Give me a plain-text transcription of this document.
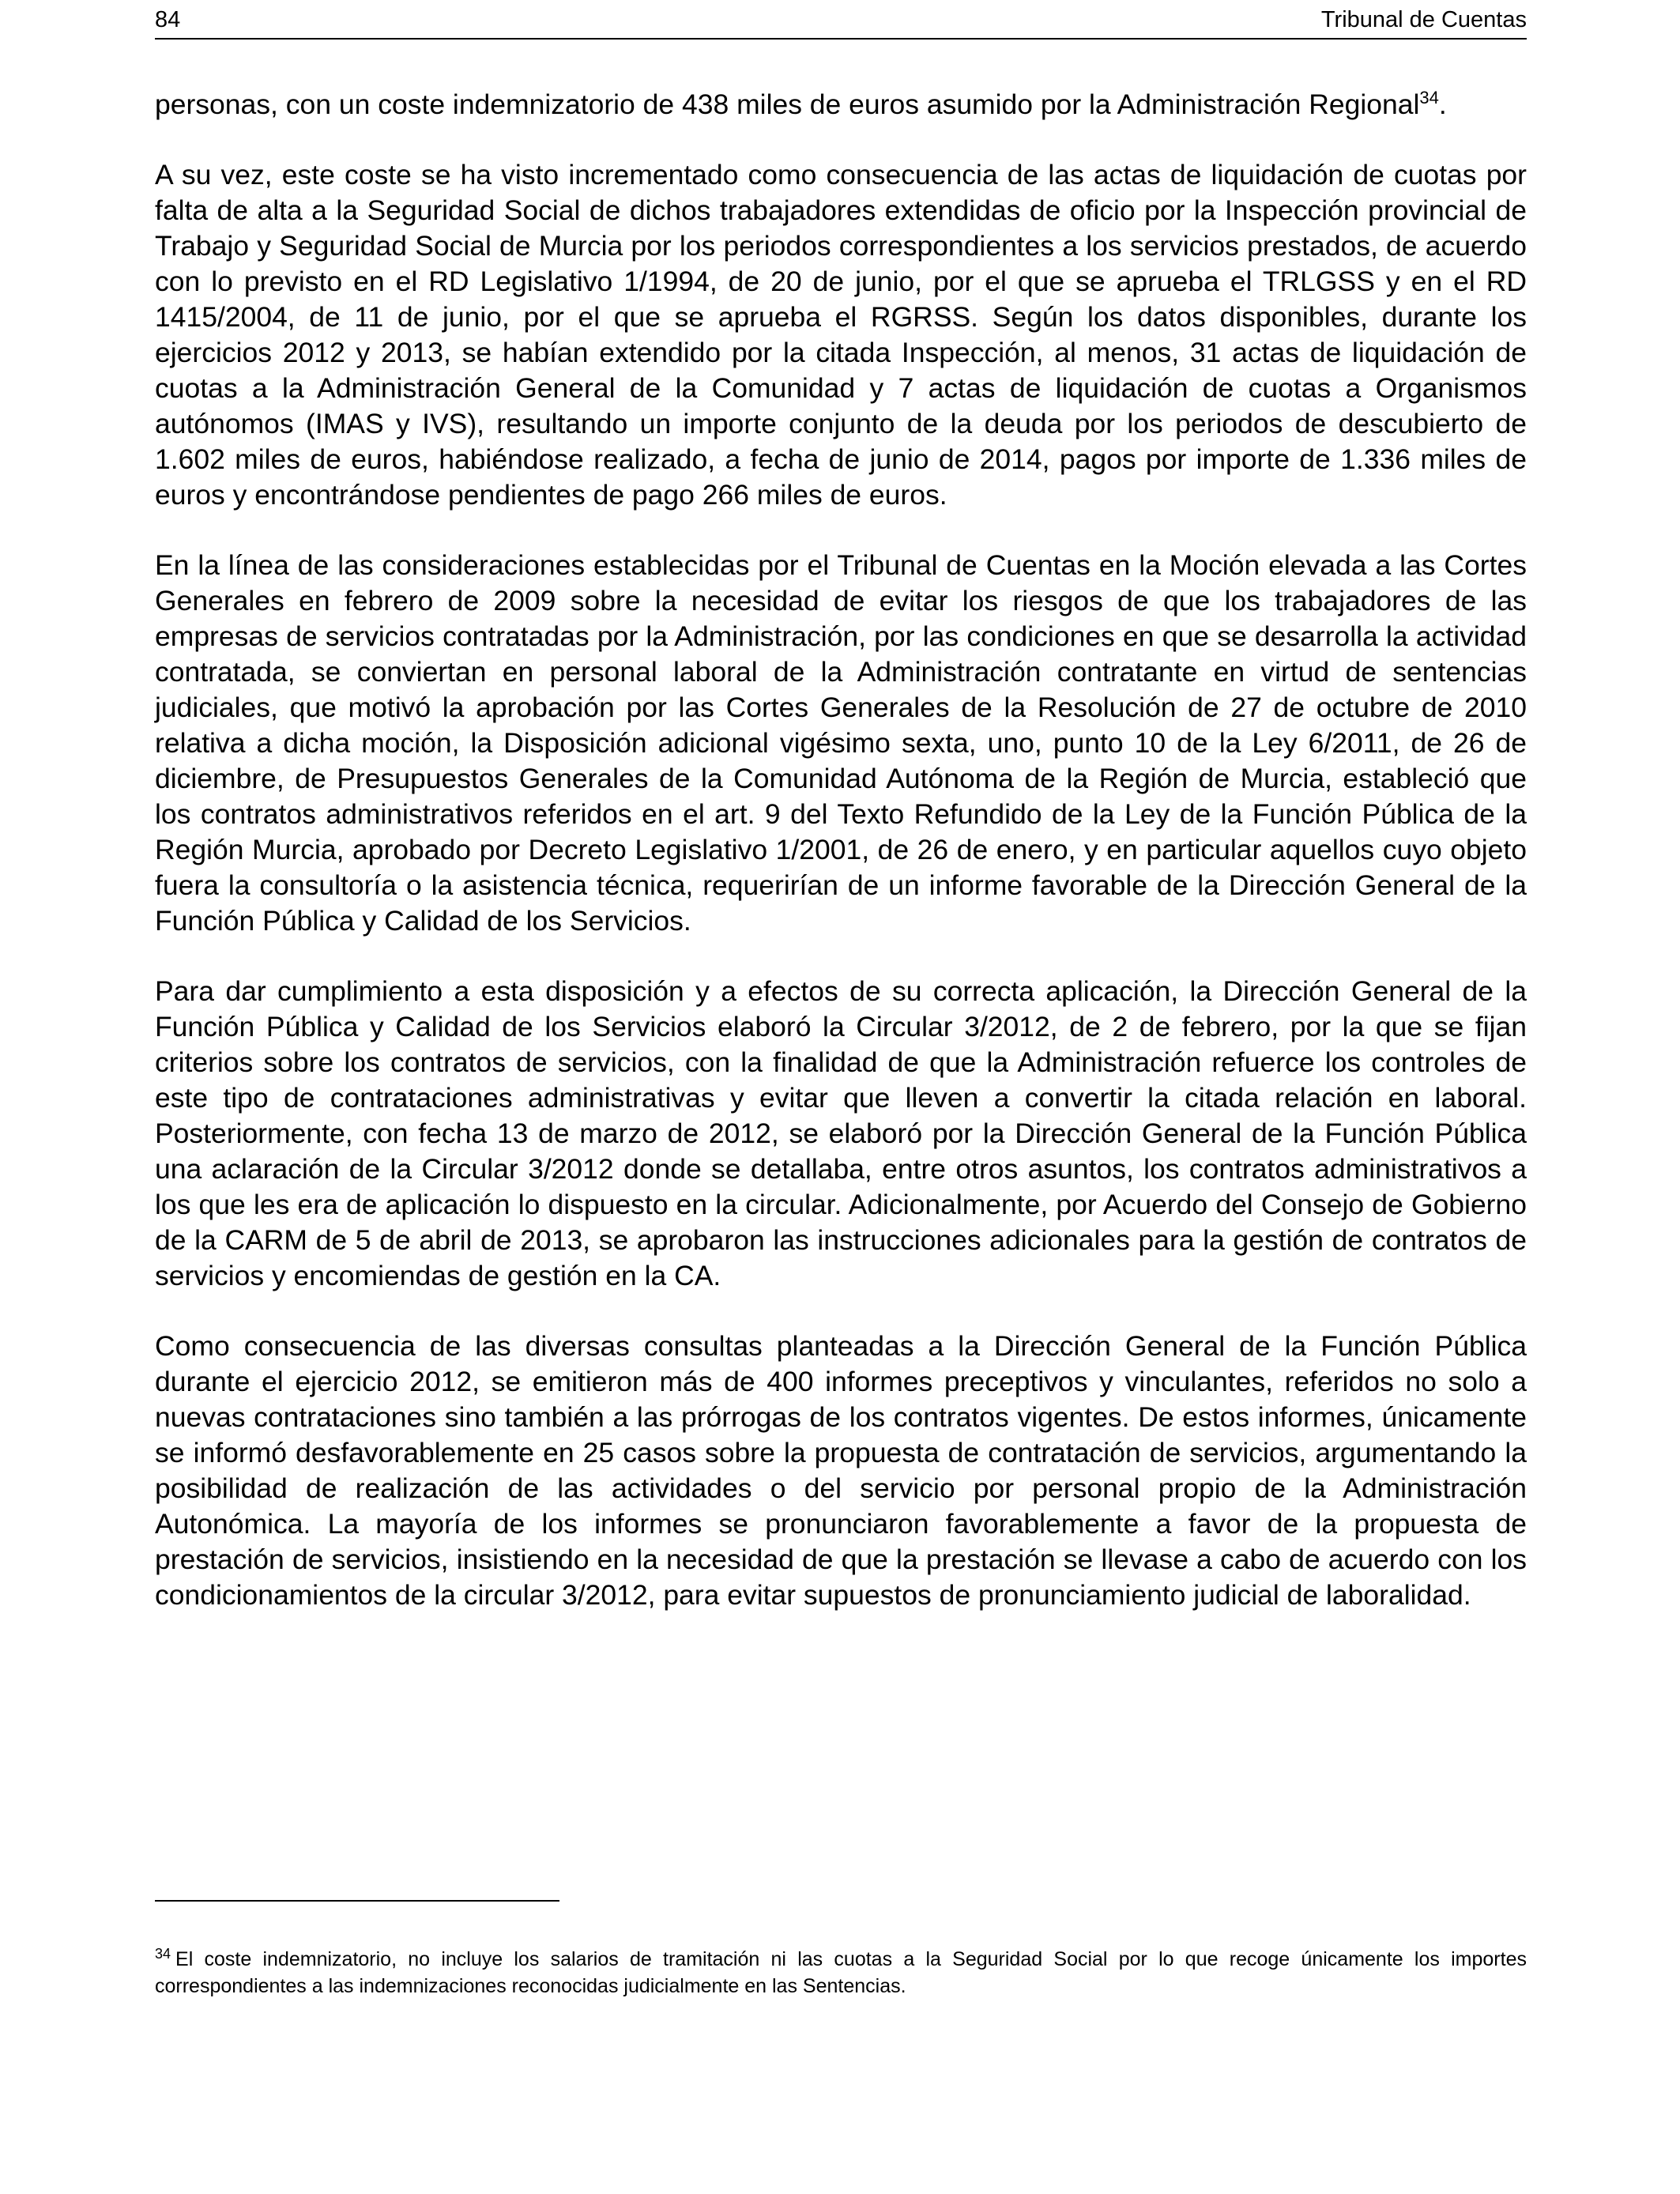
84	Tribunal de Cuentas

personas, con un coste indemnizatorio de 438 miles de euros asumido por la Administración Regional$^{34}$.

A su vez, este coste se ha visto incrementado como consecuencia de las actas de liquidación de cuotas por falta de alta a la Seguridad Social de dichos trabajadores extendidas de oficio por la Inspección provincial de Trabajo y Seguridad Social de Murcia por los periodos correspondientes a los servicios prestados, de acuerdo con lo previsto en el RD Legislativo 1/1994, de 20 de junio, por el que se aprueba el TRLGSS y en el RD 1415/2004, de 11 de junio, por el que se aprueba el RGRSS. Según los datos disponibles, durante los ejercicios 2012 y 2013, se habían extendido por la citada Inspección, al menos, 31 actas de liquidación de cuotas a la Administración General de la Comunidad y 7 actas de liquidación de cuotas a Organismos autónomos (IMAS y IVS), resultando un importe conjunto de la deuda por los periodos de descubierto de 1.602 miles de euros, habiéndose realizado, a fecha de junio de 2014, pagos por importe de 1.336 miles de euros y encontrándose pendientes de pago 266 miles de euros.

En la línea de las consideraciones establecidas por el Tribunal de Cuentas en la Moción elevada a las Cortes Generales en febrero de 2009 sobre la necesidad de evitar los riesgos de que los trabajadores de las empresas de servicios contratadas por la Administración, por las condiciones en que se desarrolla la actividad contratada, se conviertan en personal laboral de la Administración contratante en virtud de sentencias judiciales, que motivó la aprobación por las Cortes Generales de la Resolución de 27 de octubre de 2010 relativa a dicha moción, la Disposición adicional vigésimo sexta, uno, punto 10 de la Ley 6/2011, de 26 de diciembre, de Presupuestos Generales de la Comunidad Autónoma de la Región de Murcia, estableció que los contratos administrativos referidos en el art. 9 del Texto Refundido de la Ley de la Función Pública de la Región Murcia, aprobado por Decreto Legislativo 1/2001, de 26 de enero, y en particular aquellos cuyo objeto fuera la consultoría o la asistencia técnica, requerirían de un informe favorable de la Dirección General de la Función Pública y Calidad de los Servicios.

Para dar cumplimiento a esta disposición y a efectos de su correcta aplicación, la Dirección General de la Función Pública y Calidad de los Servicios elaboró la Circular 3/2012, de 2 de febrero, por la que se fijan criterios sobre los contratos de servicios, con la finalidad de que la Administración refuerce los controles de este tipo de contrataciones administrativas y evitar que lleven a convertir la citada relación en laboral. Posteriormente, con fecha 13 de marzo de 2012, se elaboró por la Dirección General de la Función Pública una aclaración de la Circular 3/2012 donde se detallaba, entre otros asuntos, los contratos administrativos a los que les era de aplicación lo dispuesto en la circular. Adicionalmente, por Acuerdo del Consejo de Gobierno de la CARM de 5 de abril de 2013, se aprobaron las instrucciones adicionales para la gestión de contratos de servicios y encomiendas de gestión en la CA.

Como consecuencia de las diversas consultas planteadas a la Dirección General de la Función Pública durante el ejercicio 2012, se emitieron más de 400 informes preceptivos y vinculantes, referidos no solo a nuevas contrataciones sino también a las prórrogas de los contratos vigentes. De estos informes, únicamente se informó desfavorablemente en 25 casos sobre la propuesta de contratación de servicios, argumentando la posibilidad de realización de las actividades o del servicio por personal propio de la Administración Autonómica. La mayoría de los informes se pronunciaron favorablemente a favor de la propuesta de prestación de servicios, insistiendo en la necesidad de que la prestación se llevase a cabo de acuerdo con los condicionamientos de la circular 3/2012, para evitar supuestos de pronunciamiento judicial de laboralidad.

$^{34}$ El coste indemnizatorio, no incluye los salarios de tramitación ni las cuotas a la Seguridad Social por lo que recoge únicamente los importes correspondientes a las indemnizaciones reconocidas judicialmente en las Sentencias.
